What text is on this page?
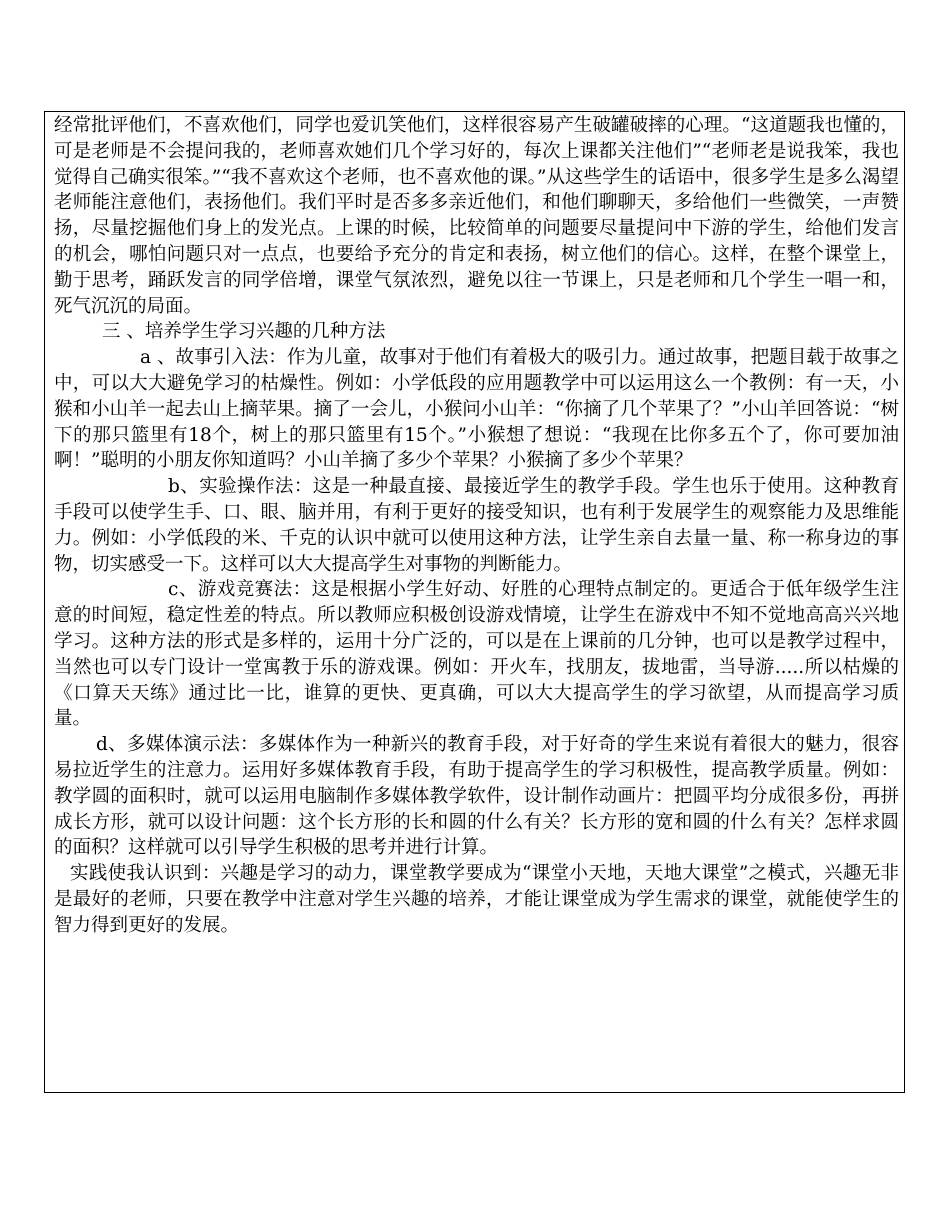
经常批评他们，不喜欢他们，同学也爱讥笑他们，这样很容易产生破罐破摔的心理。“这道题我也懂的，可是老师是不会提问我的，老师喜欢她们几个学习好的，每次上课都关注他们”“老师老是说我笨，我也觉得自己确实很笨。”“我不喜欢这个老师，也不喜欢他的课。”从这些学生的话语中，很多学生是多么渴望老师能注意他们，表扬他们。我们平时是否多多亲近他们，和他们聊聊天，多给他们一些微笑，一声赞扬，尽量挖掘他们身上的发光点。上课的时候，比较简单的问题要尽量提问中下游的学生，给他们发言的机会，哪怕问题只对一点点，也要给予充分的肯定和表扬，树立他们的信心。这样，在整个课堂上，勤于思考，踊跃发言的同学倍增，课堂气氛浓烈，避免以往一节课上，只是老师和几个学生一唱一和，死气沉沉的局面。

三 、培养学生学习兴趣的几种方法

a 、故事引入法：作为儿童，故事对于他们有着极大的吸引力。通过故事，把题目载于故事之中，可以大大避免学习的枯燥性。例如：小学低段的应用题教学中可以运用这么一个教例：有一天，小猴和小山羊一起去山上摘苹果。摘了一会儿，小猴问小山羊：“你摘了几个苹果了？”小山羊回答说：“树下的那只篮里有18个，树上的那只篮里有15个。”小猴想了想说：“我现在比你多五个了，你可要加油啊！”聪明的小朋友你知道吗？小山羊摘了多少个苹果？小猴摘了多少个苹果？

b、实验操作法：这是一种最直接、最接近学生的教学手段。学生也乐于使用。这种教育手段可以使学生手、口、眼、脑并用，有利于更好的接受知识，也有利于发展学生的观察能力及思维能力。例如：小学低段的米、千克的认识中就可以使用这种方法，让学生亲自去量一量、称一称身边的事物，切实感受一下。这样可以大大提高学生对事物的判断能力。

c、游戏竞赛法：这是根据小学生好动、好胜的心理特点制定的。更适合于低年级学生注意的时间短，稳定性差的特点。所以教师应积极创设游戏情境，让学生在游戏中不知不觉地高高兴兴地学习。这种方法的形式是多样的，运用十分广泛的，可以是在上课前的几分钟，也可以是教学过程中，当然也可以专门设计一堂寓教于乐的游戏课。例如：开火车，找朋友，拔地雷，当导游.....所以枯燥的《口算天天练》通过比一比，谁算的更快、更真确，可以大大提高学生的学习欲望，从而提高学习质量。

d、多媒体演示法：多媒体作为一种新兴的教育手段，对于好奇的学生来说有着很大的魅力，很容易拉近学生的注意力。运用好多媒体教育手段，有助于提高学生的学习积极性，提高教学质量。例如：教学圆的面积时，就可以运用电脑制作多媒体教学软件，设计制作动画片：把圆平均分成很多份，再拼成长方形，就可以设计问题：这个长方形的长和圆的什么有关？长方形的宽和圆的什么有关？怎样求圆的面积？这样就可以引导学生积极的思考并进行计算。

实践使我认识到：兴趣是学习的动力，课堂教学要成为“课堂小天地，天地大课堂”之模式，兴趣无非是最好的老师，只要在教学中注意对学生兴趣的培养，才能让课堂成为学生需求的课堂，就能使学生的智力得到更好的发展。
